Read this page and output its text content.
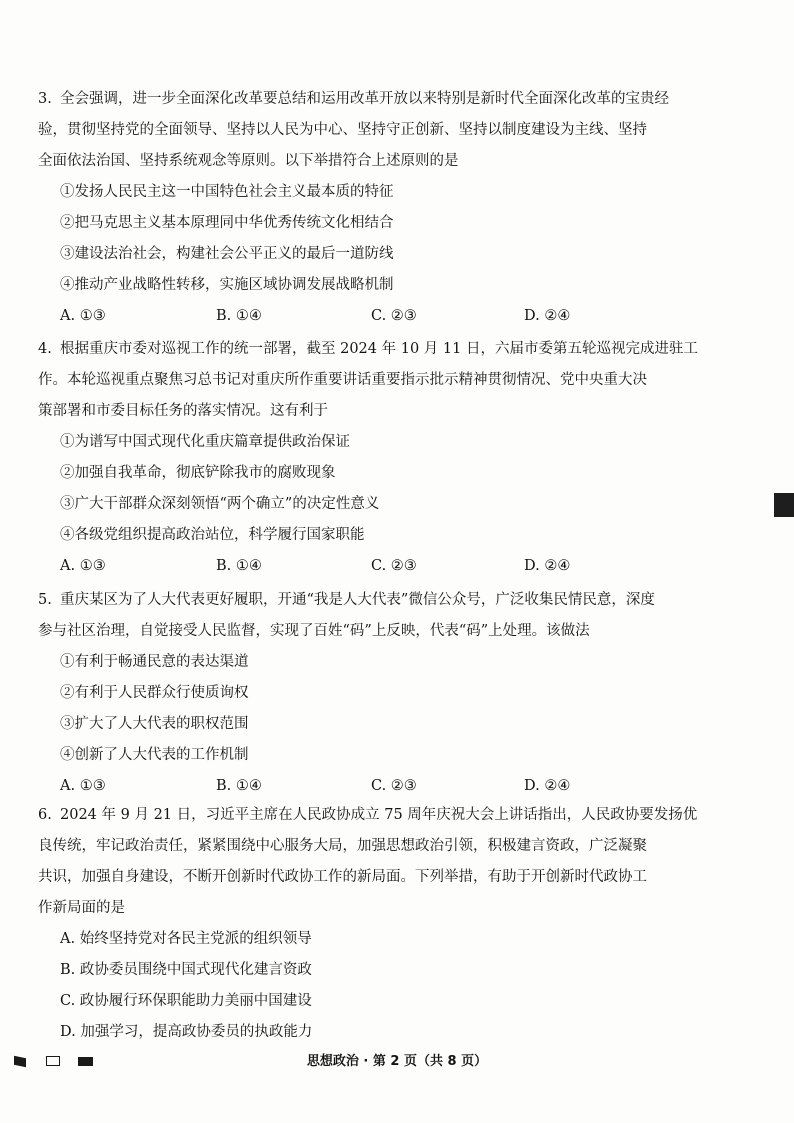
3. 全会强调，进一步全面深化改革要总结和运用改革开放以来特别是新时代全面深化改革的宝贵经

验，贯彻坚持党的全面领导、坚持以人民为中心、坚持守正创新、坚持以制度建设为主线、坚持

全面依法治国、坚持系统观念等原则。以下举措符合上述原则的是

①发扬人民民主这一中国特色社会主义最本质的特征

②把马克思主义基本原理同中华优秀传统文化相结合

③建设法治社会，构建社会公平正义的最后一道防线

④推动产业战略性转移，实施区域协调发展战略机制

A. ①③	B. ①④	C. ②③	D. ②④

4. 根据重庆市委对巡视工作的统一部署，截至 2024 年 10 月 11 日，六届市委第五轮巡视完成进驻工

作。本轮巡视重点聚焦习总书记对重庆所作重要讲话重要指示批示精神贯彻情况、党中央重大决

策部署和市委目标任务的落实情况。这有利于

①为谱写中国式现代化重庆篇章提供政治保证

②加强自我革命，彻底铲除我市的腐败现象

③广大干部群众深刻领悟“两个确立”的决定性意义

④各级党组织提高政治站位，科学履行国家职能

A. ①③	B. ①④	C. ②③	D. ②④

5. 重庆某区为了人大代表更好履职，开通“我是人大代表”微信公众号，广泛收集民情民意，深度

参与社区治理，自觉接受人民监督，实现了百姓“码”上反映，代表“码”上处理。该做法

①有利于畅通民意的表达渠道

②有利于人民群众行使质询权

③扩大了人大代表的职权范围

④创新了人大代表的工作机制

A. ①③	B. ①④	C. ②③	D. ②④

6. 2024 年 9 月 21 日，习近平主席在人民政协成立 75 周年庆祝大会上讲话指出，人民政协要发扬优

良传统，牢记政治责任，紧紧围绕中心服务大局，加强思想政治引领，积极建言资政，广泛凝聚

共识，加强自身建设，不断开创新时代政协工作的新局面。下列举措，有助于开创新时代政协工

作新局面的是

A. 始终坚持党对各民主党派的组织领导

B. 政协委员围绕中国式现代化建言资政

C. 政协履行环保职能助力美丽中国建设

D. 加强学习，提高政协委员的执政能力

思想政治 · 第 2 页（共 8 页）
